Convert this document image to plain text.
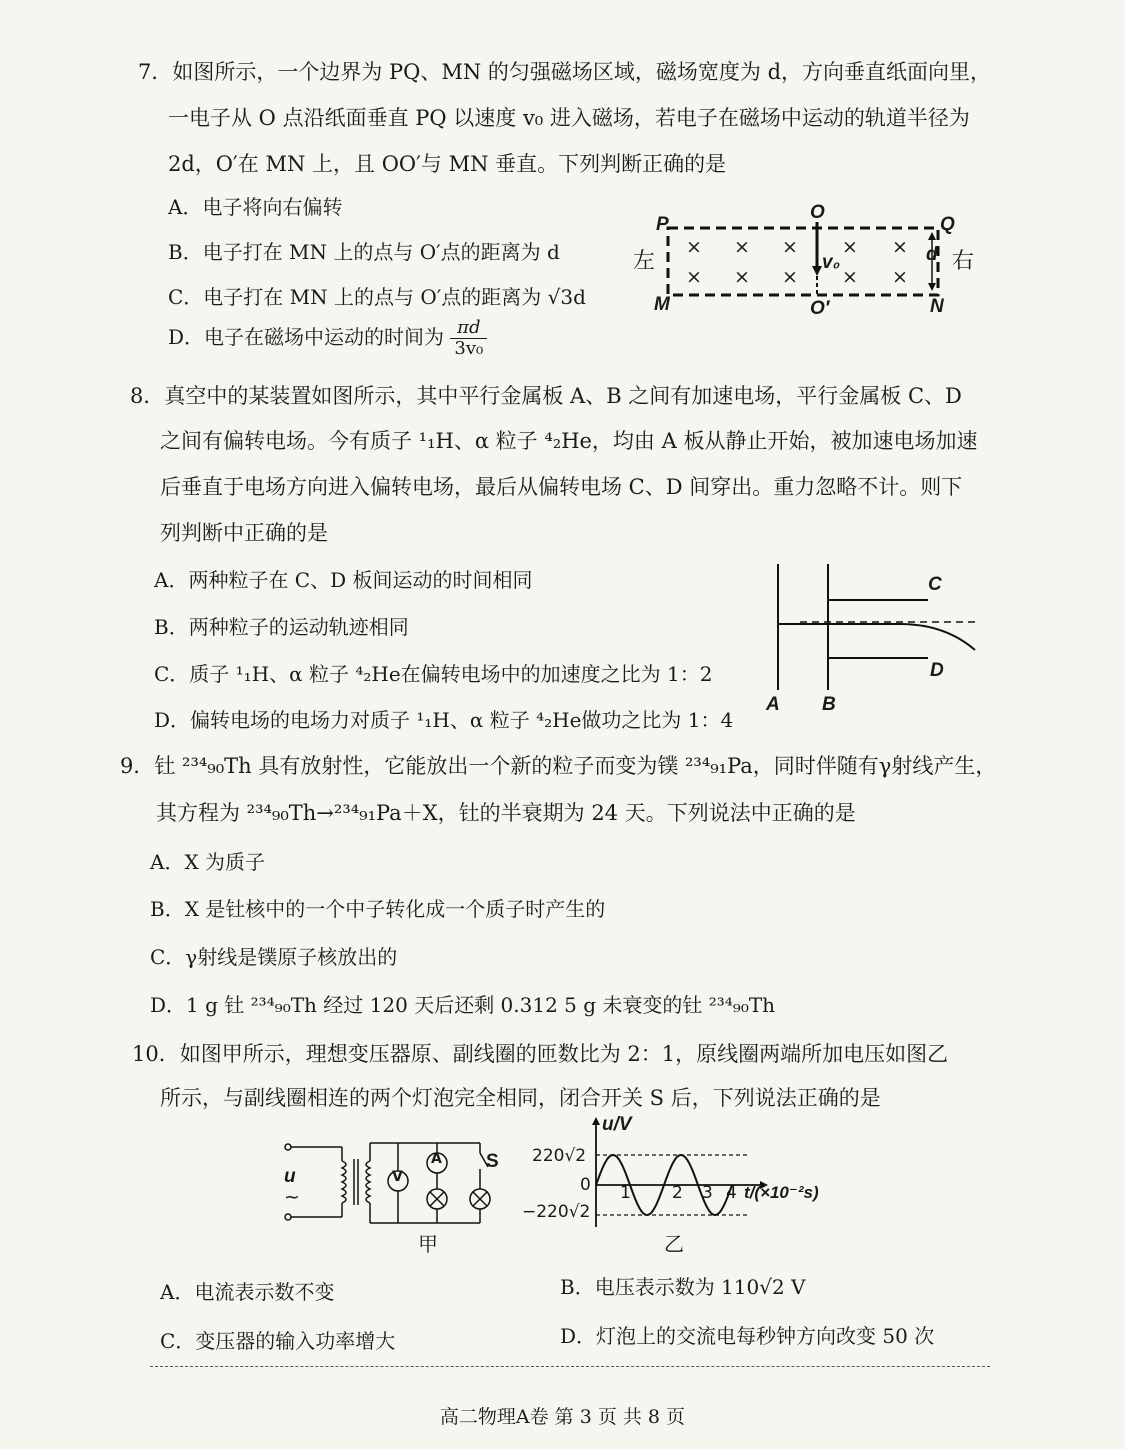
7．如图所示，一个边界为 PQ、MN 的匀强磁场区域，磁场宽度为 d，方向垂直纸面向里，
一电子从 O 点沿纸面垂直 PQ 以速度 v₀ 进入磁场，若电子在磁场中运动的轨道半径为
2d，O′在 MN 上，且 OO′与 MN 垂直。下列判断正确的是
A．电子将向右偏转
B．电子打在 MN 上的点与 O′点的距离为 d
C．电子打在 MN 上的点与 O′点的距离为 √3d
D．电子在磁场中运动的时间为 $\frac{\pi d}{\text{3v₀}}$
P
O
Q
M	O′	N
左	右
d
v₀
× × × × ×
× × × × ×
8．真空中的某装置如图所示，其中平行金属板 A、B 之间有加速电场，平行金属板 C、D
之间有偏转电场。今有质子 ¹₁H、α 粒子 ⁴₂He，均由 A 板从静止开始，被加速电场加速
后垂直于电场方向进入偏转电场，最后从偏转电场 C、D 间穿出。重力忽略不计。则下
列判断中正确的是
A．两种粒子在 C、D 板间运动的时间相同
B．两种粒子的运动轨迹相同
C．质子 ¹₁H、α 粒子 ⁴₂He在偏转电场中的加速度之比为 1：2
D．偏转电场的电场力对质子 ¹₁H、α 粒子 ⁴₂He做功之比为 1：4
C
D
A B
9．钍 ²³⁴₉₀Th 具有放射性，它能放出一个新的粒子而变为镤 ²³⁴₉₁Pa，同时伴随有γ射线产生，
其方程为 ²³⁴₉₀Th→²³⁴₉₁Pa＋X，钍的半衰期为 24 天。下列说法中正确的是
A．X 为质子
B．X 是钍核中的一个中子转化成一个质子时产生的
C．γ射线是镤原子核放出的
D．1 g 钍 ²³⁴₉₀Th 经过 120 天后还剩 0.312 5 g 未衰变的钍 ²³⁴₉₀Th
10．如图甲所示，理想变压器原、副线圈的匝数比为 2：1，原线圈两端所加电压如图乙
所示，与副线圈相连的两个灯泡完全相同，闭合开关 S 后，下列说法正确的是
u
~
V
A S
甲
u/V
220√2
0
−220√2
1 2 3 4 t/(×10⁻²s)
乙
A．电流表示数不变	B．电压表示数为 110√2 V
C．变压器的输入功率增大	D．灯泡上的交流电每秒钟方向改变 50 次
高二物理A卷 第 3 页 共 8 页
